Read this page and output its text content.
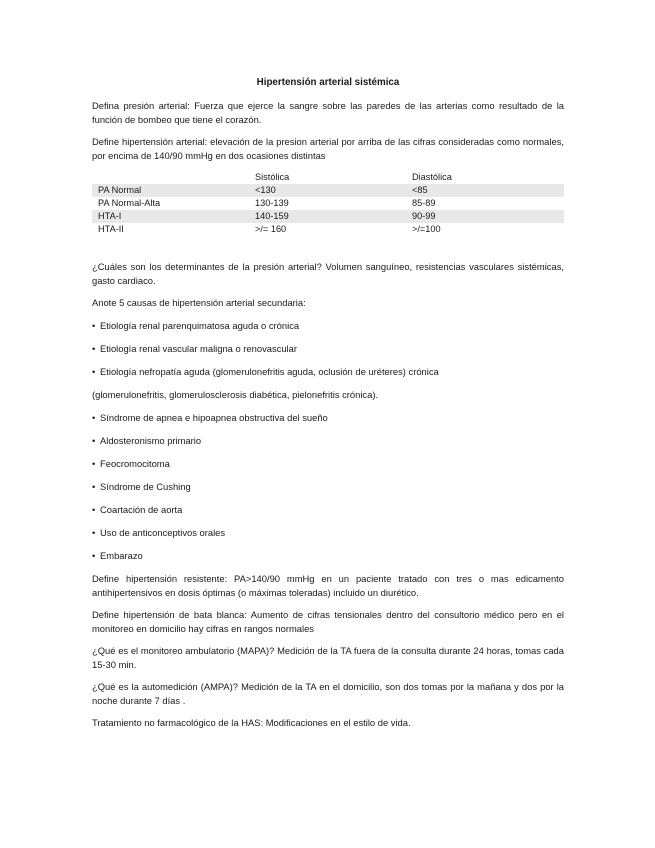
Hipertensión arterial sistémica

Defina presión arterial: Fuerza que ejerce la sangre sobre las paredes de las arterias como resultado de la función de bombeo que tiene el corazón.

Define hipertensión arterial: elevación de la presion arterial por arriba de las cifras consideradas como normales, por encima de 140/90 mmHg en dos ocasiones distintas

	Sistólica	Diastólica
PA Normal	<130	<85
PA Normal-Alta	130-139	85-89
HTA-I	140-159	90-99
HTA-II	>/= 160	>/=100

¿Cuáles son los determinantes de la presión arterial? Volumen sanguíneo, resistencias vasculares sistémicas, gasto cardiaco.

Anote 5 causas de hipertensión arterial secundaria:

• Etiología renal parenquimatosa aguda o crónica
• Etiología renal vascular maligna o renovascular
• Etiología nefropatía aguda (glomerulonefritis aguda, oclusión de uréteres) crónica
(glomerulonefritis, glomerulosclerosis diabética, pielonefritis crónica).
• Síndrome de apnea e hipoapnea obstructiva del sueño
• Aldosteronismo primario
• Feocromocitoma
• Síndrome de Cushing
• Coartación de aorta
• Uso de anticonceptivos orales
• Embarazo

Define hipertensión resistente: PA>140/90 mmHg en un paciente tratado con tres o mas edicamento antihipertensivos en dosis óptimas (o máximas toleradas) incluido un diurético.

Define hipertensión de bata blanca: Aumento de cifras tensionales dentro del consultorio médico pero en el monitoreo en domicilio hay cifras en rangos normales

¿Qué es el monitoreo ambulatorio (MAPA)? Medición de la TA fuera de la consulta durante 24 horas, tomas cada 15-30 min.

¿Qué es la automedición (AMPA)? Medición de la TA en el domicilio, son dos tomas por la mañana y dos por la noche durante 7 días .

Tratamiento no farmacológico de la HAS: Modificaciones en el estilo de vida.
